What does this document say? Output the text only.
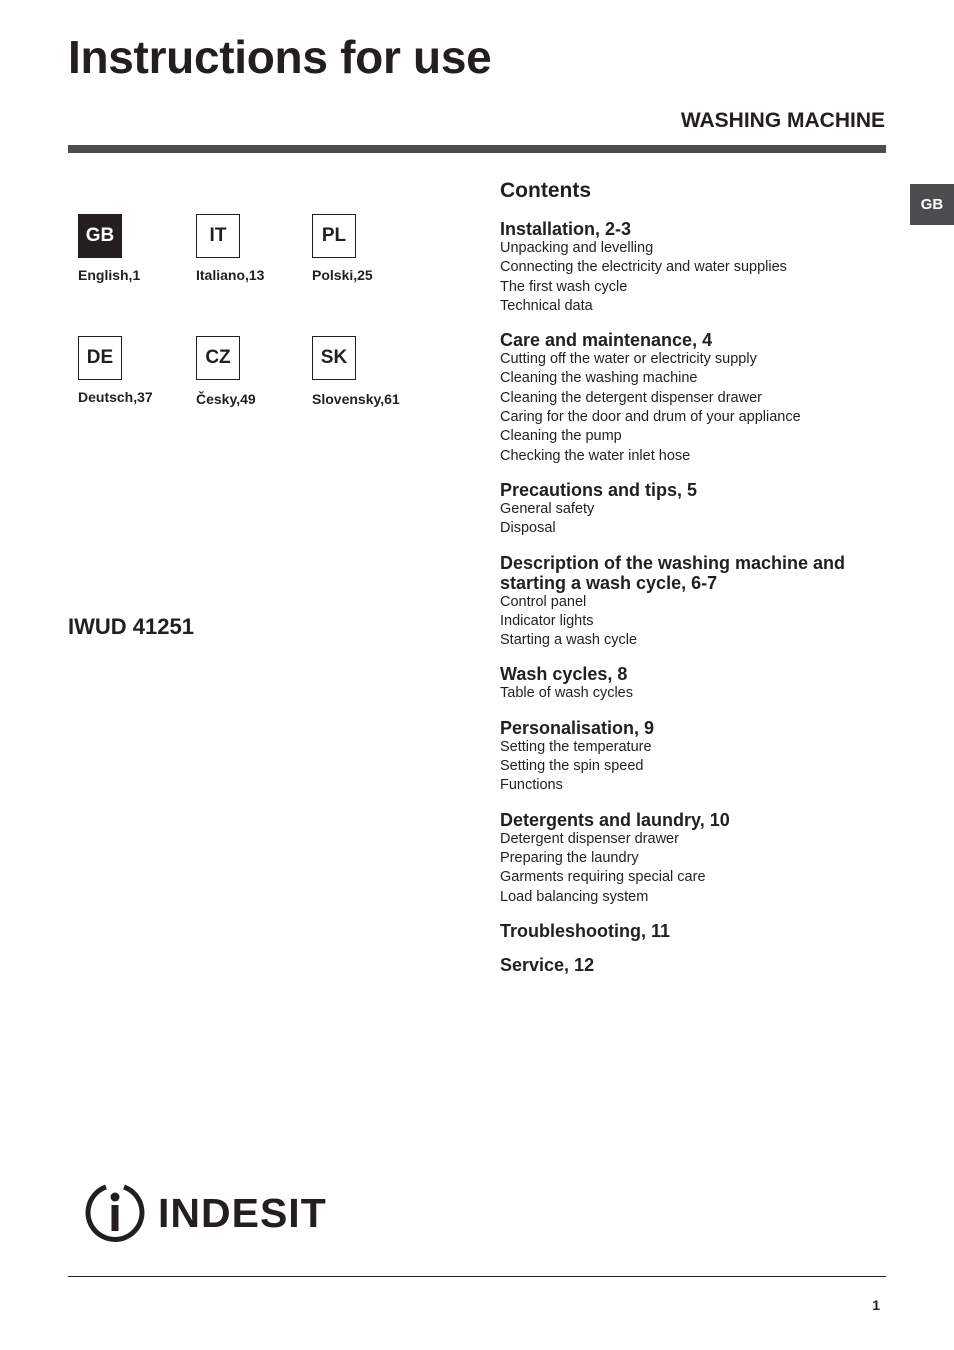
Instructions for use
WASHING MACHINE
GB
GB
English,1
IT
Italiano,13
PL
Polski,25
DE
Deutsch,37
CZ
Česky,49
SK
Slovensky,61
IWUD 41251
Contents
Installation, 2-3
Unpacking and levelling
Connecting the electricity and water supplies
The first wash cycle
Technical data
Care and maintenance, 4
Cutting off the water or electricity supply
Cleaning the washing machine
Cleaning the detergent dispenser drawer
Caring for the door and drum of your appliance
Cleaning the pump
Checking the water inlet hose
Precautions and tips, 5
General safety
Disposal
Description of the washing machine and starting a wash cycle, 6-7
Control panel
Indicator lights
Starting a wash cycle
Wash cycles, 8
Table of wash cycles
Personalisation, 9
Setting the temperature
Setting the spin speed
Functions
Detergents and laundry, 10
Detergent dispenser drawer
Preparing the laundry
Garments requiring special care
Load balancing system
Troubleshooting, 11
Service, 12
INDESIT
1
